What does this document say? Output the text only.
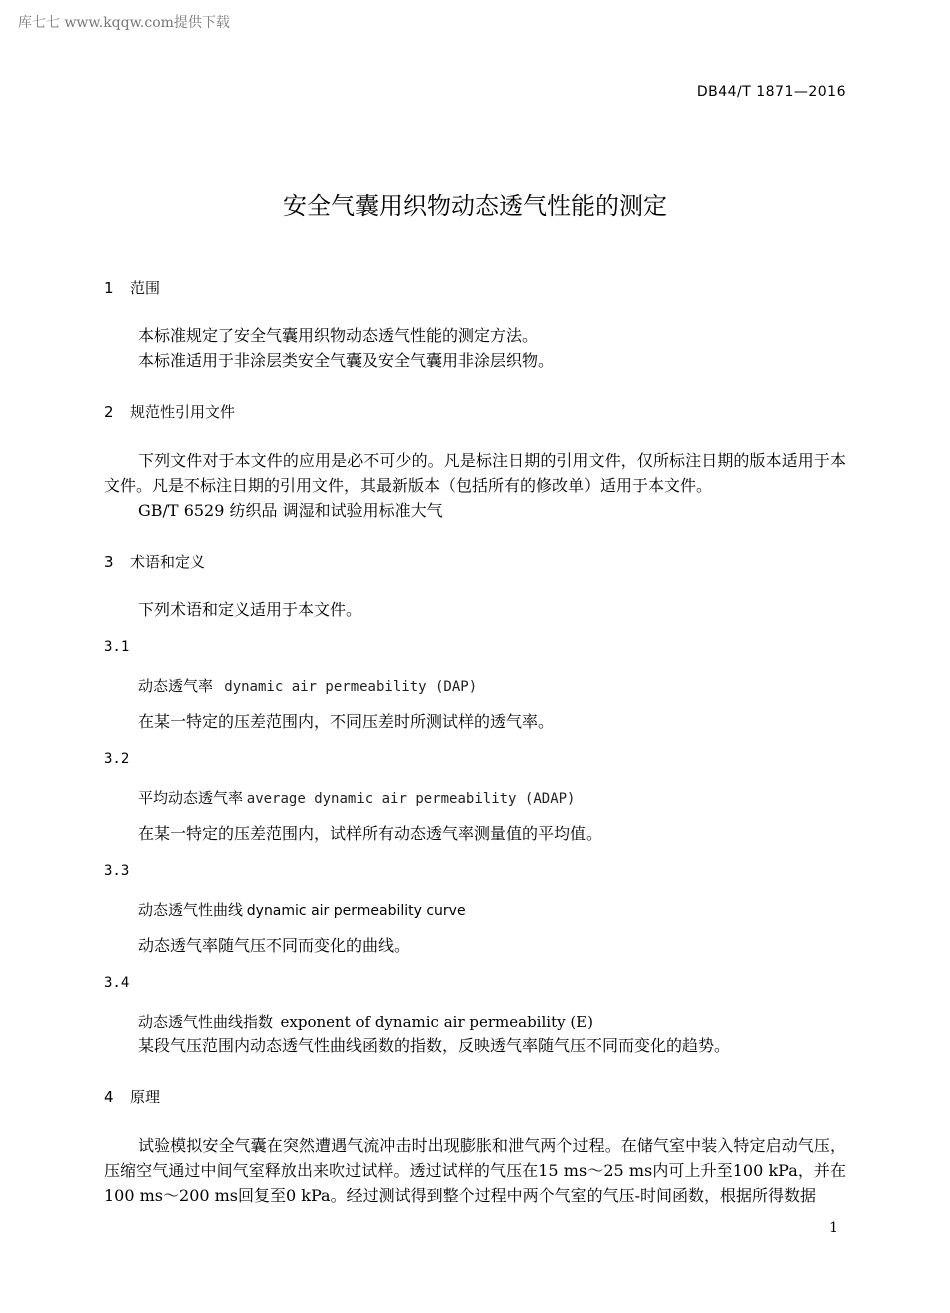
库七七 www.kqqw.com提供下载
DB44/T 1871—2016
安全气囊用织物动态透气性能的测定
1 范围
本标准规定了安全气囊用织物动态透气性能的测定方法。
本标准适用于非涂层类安全气囊及安全气囊用非涂层织物。
2 规范性引用文件
下列文件对于本文件的应用是必不可少的。凡是标注日期的引用文件，仅所标注日期的版本适用于本文件。凡是不标注日期的引用文件，其最新版本（包括所有的修改单）适用于本文件。
GB/T 6529 纺织品 调湿和试验用标准大气
3 术语和定义
下列术语和定义适用于本文件。
3.1
动态透气率 dynamic air permeability (DAP)
在某一特定的压差范围内，不同压差时所测试样的透气率。
3.2
平均动态透气率 average dynamic air permeability (ADAP)
在某一特定的压差范围内，试样所有动态透气率测量值的平均值。
3.3
动态透气性曲线 dynamic air permeability curve
动态透气率随气压不同而变化的曲线。
3.4
动态透气性曲线指数 exponent of dynamic air permeability (E)
某段气压范围内动态透气性曲线函数的指数，反映透气率随气压不同而变化的趋势。
4 原理
试验模拟安全气囊在突然遭遇气流冲击时出现膨胀和泄气两个过程。在储气室中装入特定启动气压，压缩空气通过中间气室释放出来吹过试样。透过试样的气压在15 ms～25 ms内可上升至100 kPa，并在100 ms～200 ms回复至0 kPa。经过测试得到整个过程中两个气室的气压-时间函数，根据所得数据
1
